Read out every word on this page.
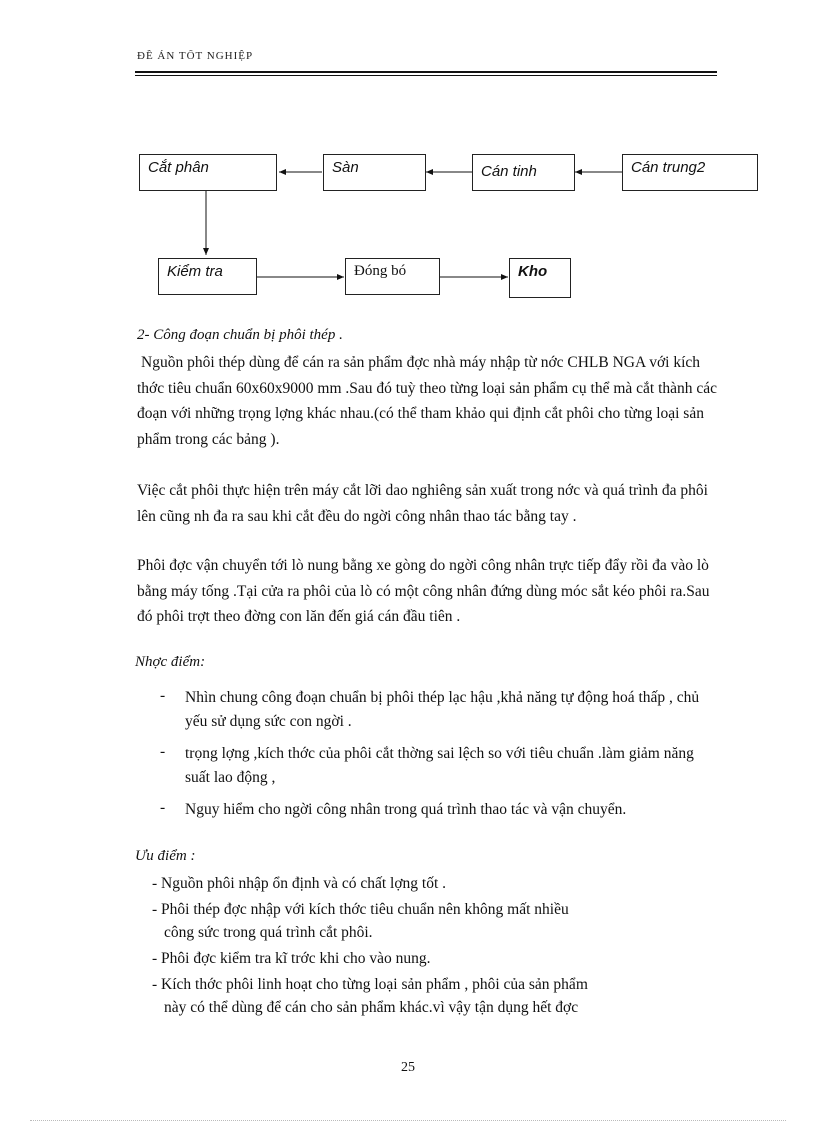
ĐỀ ÁN TỐT NGHIỆP
Cắt phân	Sàn	Cán tinh	Cán trung2
Kiểm tra	Đóng bó	Kho
2- Công đoạn chuẩn bị phôi thép .
Nguồn phôi thép dùng để cán ra sản phẩm đợc nhà máy nhập từ nớc CHLB NGA với kích thớc tiêu chuẩn 60x60x9000 mm .Sau đó tuỳ theo từng loại sản phẩm cụ thể mà cắt thành các đoạn với những trọng lợng khác nhau.(có thể tham khảo qui định cắt phôi cho từng loại sản phẩm trong các bảng ).
Việc cắt phôi thực hiện trên máy cắt lỡi dao nghiêng sản xuất trong nớc và quá trình đa phôi lên cũng nh đa ra sau khi cắt đều do ngời công nhân thao tác bằng tay .
Phôi đợc vận chuyển tới lò nung bằng xe gòng do ngời công nhân trực tiếp đẩy rồi đa vào lò bằng máy tống .Tại cửa ra phôi của lò có một công nhân đứng dùng móc sắt kéo phôi ra.Sau đó phôi trợt theo đờng con lăn đến giá cán đầu tiên .
Nhợc điểm:
- Nhìn chung công đoạn chuẩn bị phôi thép lạc hậu ,khả năng tự động hoá thấp , chủ yếu sử dụng sức con ngời .
- trọng lợng ,kích thớc của phôi cắt thờng sai lệch so với tiêu chuẩn .làm giảm năng suất lao động ,
- Nguy hiểm cho ngời công nhân trong quá trình thao tác và vận chuyển.
Ưu điểm :
- Nguồn phôi nhập ổn định và có chất lợng tốt .
- Phôi thép đợc nhập với kích thớc tiêu chuẩn nên không mất nhiều
công sức trong quá trình cắt phôi.
- Phôi đợc kiểm tra kĩ trớc khi cho vào nung.
- Kích thớc phôi linh hoạt cho từng loại sản phẩm , phôi của sản phẩm
này có thể dùng để cán cho sản phẩm khác.vì vậy tận dụng hết đợc
25
